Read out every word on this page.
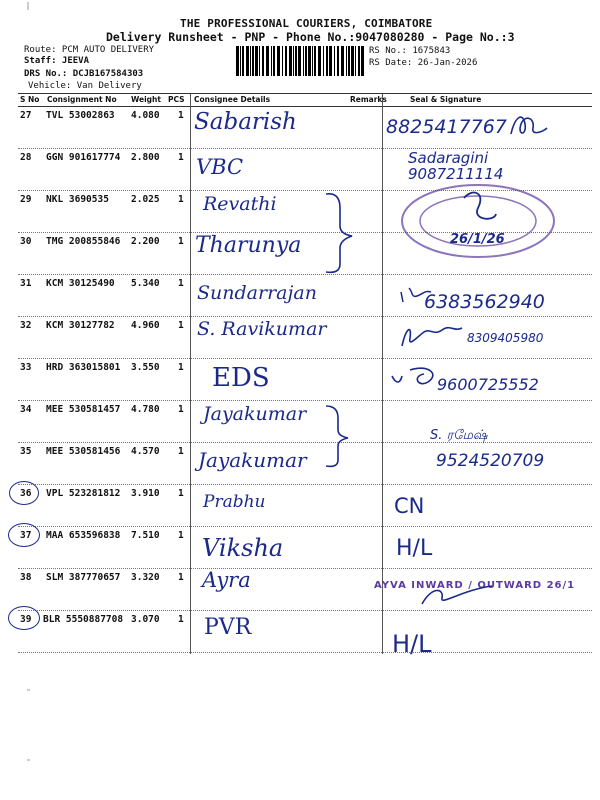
THE PROFESSIONAL COURIERS, COIMBATORE
Delivery Runsheet - PNP - Phone No.:9047080280 - Page No.:3
Route: PCM AUTO DELIVERY
Staff: JEEVA
DRS No.: DCJB167584303
Vehicle: Van Delivery
RS No.: 1675843
RS Date: 26-Jan-2026
S No Consignment No Weight PCS Consignee Details	Remarks	Seal & Signature
27 TVL 53002863 4.080 1
28 GGN 901617774 2.800 1
29 NKL 3690535 2.025 1
30 TMG 200855846 2.200 1
31 KCM 30125490 5.340 1
32 KCM 30127782 4.960 1
33 HRD 363015801 3.550 1
34 MEE 530581457 4.780 1
35 MEE 530581456 4.570 1
36 VPL 523281812 3.910 1
37 MAA 653596838 7.510 1
38 SLM 387770657 3.320 1
39 BLR 5550887708 3.070 1
Sabarish
VBC
Revathi
Tharunya
Sundarrajan
S. Ravikumar
EDS
Jayakumar
Jayakumar
Prabhu
Viksha
Ayra
PVR
8825417767
Sadaragini 9087211114
26/1/26
6383562940
8309405980
9600725552
S. ரமேஷ்
9524520709
CN
H/L
AYVA INWARD / OUTWARD 26/1
H/L
